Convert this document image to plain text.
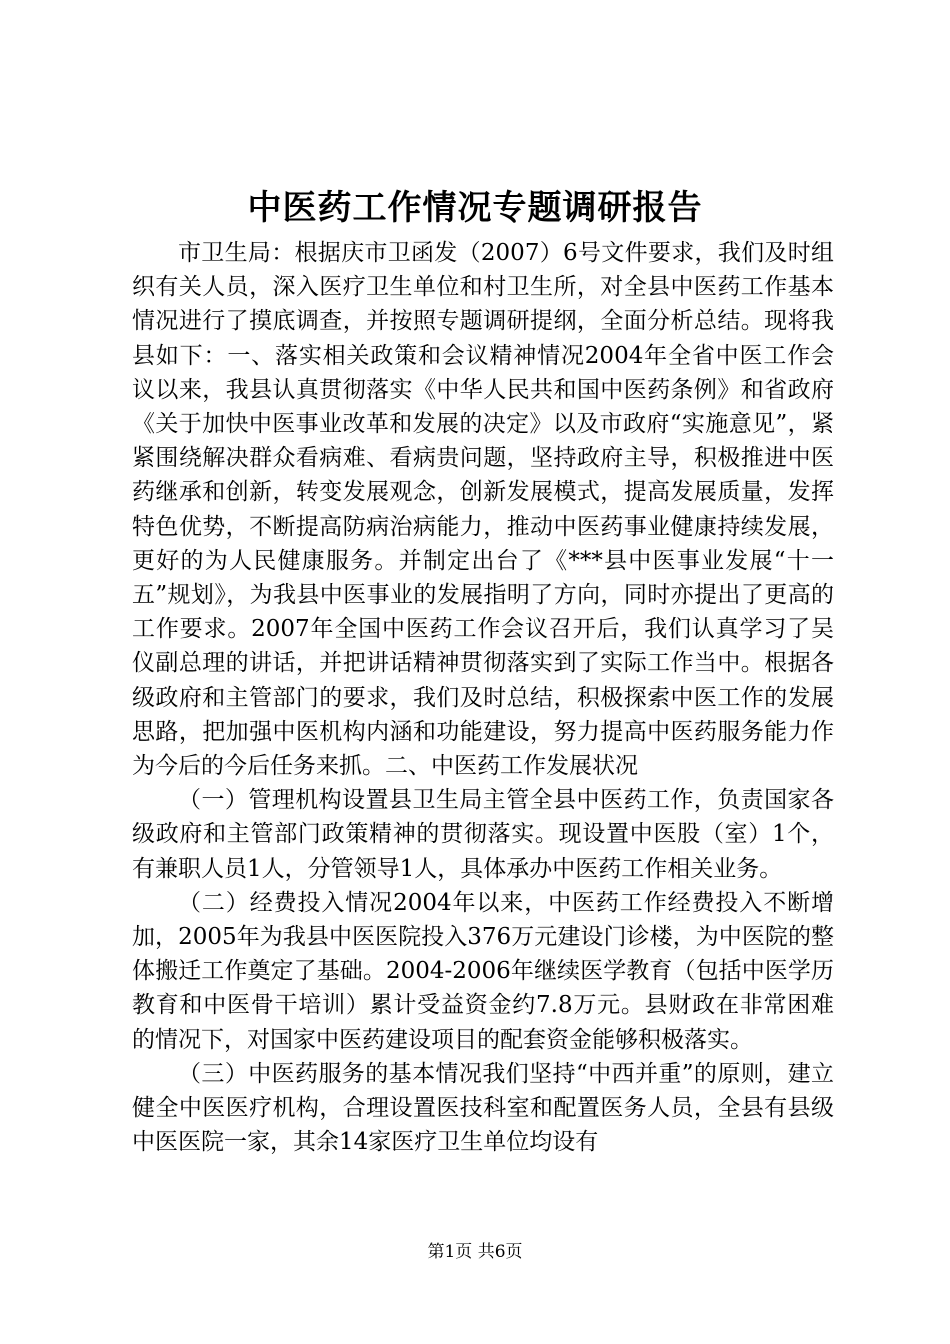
中医药工作情况专题调研报告

市卫生局：根据庆市卫函发（2007）6号文件要求，我们及时组织有关人员，深入医疗卫生单位和村卫生所，对全县中医药工作基本情况进行了摸底调查，并按照专题调研提纲，全面分析总结。现将我县如下：一、落实相关政策和会议精神情况2004年全省中医工作会议以来，我县认真贯彻落实《中华人民共和国中医药条例》和省政府《关于加快中医事业改革和发展的决定》以及市政府“实施意见”，紧紧围绕解决群众看病难、看病贵问题，坚持政府主导，积极推进中医药继承和创新，转变发展观念，创新发展模式，提高发展质量，发挥特色优势，不断提高防病治病能力，推动中医药事业健康持续发展，更好的为人民健康服务。并制定出台了《***县中医事业发展“十一五”规划》，为我县中医事业的发展指明了方向，同时亦提出了更高的工作要求。2007年全国中医药工作会议召开后，我们认真学习了吴仪副总理的讲话，并把讲话精神贯彻落实到了实际工作当中。根据各级政府和主管部门的要求，我们及时总结，积极探索中医工作的发展思路，把加强中医机构内涵和功能建设，努力提高中医药服务能力作为今后的今后任务来抓。二、中医药工作发展状况

（一）管理机构设置县卫生局主管全县中医药工作，负责国家各级政府和主管部门政策精神的贯彻落实。现设置中医股（室）1个，有兼职人员1人，分管领导1人，具体承办中医药工作相关业务。

（二）经费投入情况2004年以来，中医药工作经费投入不断增加，2005年为我县中医医院投入376万元建设门诊楼，为中医院的整体搬迁工作奠定了基础。2004-2006年继续医学教育（包括中医学历教育和中医骨干培训）累计受益资金约7.8万元。县财政在非常困难的情况下，对国家中医药建设项目的配套资金能够积极落实。

（三）中医药服务的基本情况我们坚持“中西并重”的原则，建立健全中医医疗机构，合理设置医技科室和配置医务人员，全县有县级中医医院一家，其余14家医疗卫生单位均设有

第1页 共6页
